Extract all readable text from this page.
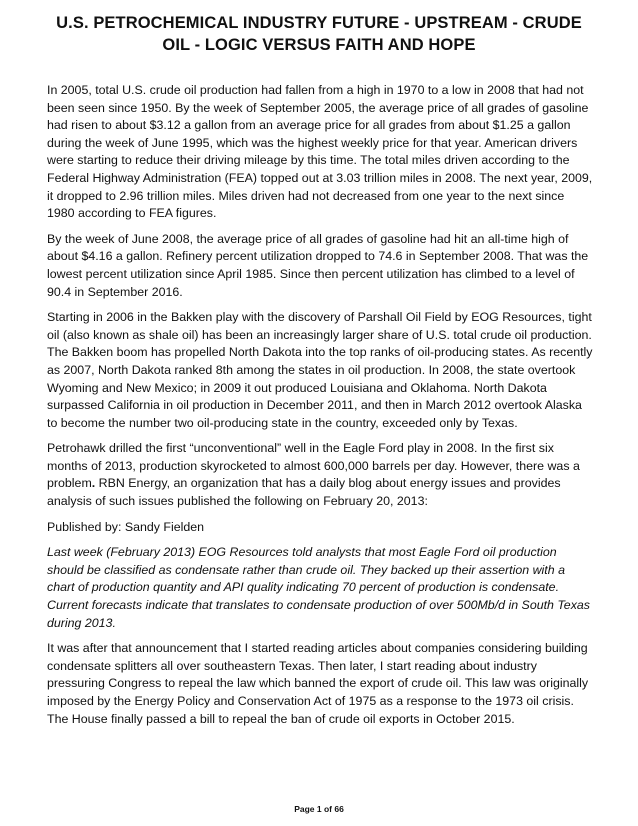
U.S. PETROCHEMICAL INDUSTRY FUTURE - UPSTREAM - CRUDE OIL - LOGIC VERSUS FAITH AND HOPE

In 2005, total U.S. crude oil production had fallen from a high in 1970 to a low in 2008 that had not been seen since 1950. By the week of September 2005, the average price of all grades of gasoline had risen to about $3.12 a gallon from an average price for all grades from about $1.25 a gallon during the week of June 1995, which was the highest weekly price for that year. American drivers were starting to reduce their driving mileage by this time. The total miles driven according to the Federal Highway Administration (FEA) topped out at 3.03 trillion miles in 2008. The next year, 2009, it dropped to 2.96 trillion miles. Miles driven had not decreased from one year to the next since 1980 according to FEA figures.

By the week of June 2008, the average price of all grades of gasoline had hit an all-time high of about $4.16 a gallon. Refinery percent utilization dropped to 74.6 in September 2008. That was the lowest percent utilization since April 1985. Since then percent utilization has climbed to a level of 90.4 in September 2016.

Starting in 2006 in the Bakken play with the discovery of Parshall Oil Field by EOG Resources, tight oil (also known as shale oil) has been an increasingly larger share of U.S. total crude oil production. The Bakken boom has propelled North Dakota into the top ranks of oil-producing states. As recently as 2007, North Dakota ranked 8th among the states in oil production. In 2008, the state overtook Wyoming and New Mexico; in 2009 it out produced Louisiana and Oklahoma. North Dakota surpassed California in oil production in December 2011, and then in March 2012 overtook Alaska to become the number two oil-producing state in the country, exceeded only by Texas.

Petrohawk drilled the first “unconventional” well in the Eagle Ford play in 2008. In the first six months of 2013, production skyrocketed to almost 600,000 barrels per day. However, there was a problem. RBN Energy, an organization that has a daily blog about energy issues and provides analysis of such issues published the following on February 20, 2013:

Published by: Sandy Fielden

Last week (February 2013) EOG Resources told analysts that most Eagle Ford oil production should be classified as condensate rather than crude oil. They backed up their assertion with a chart of production quantity and API quality indicating 70 percent of production is condensate. Current forecasts indicate that translates to condensate production of over 500Mb/d in South Texas during 2013.

It was after that announcement that I started reading articles about companies considering building condensate splitters all over southeastern Texas. Then later, I start reading about industry pressuring Congress to repeal the law which banned the export of crude oil. This law was originally imposed by the Energy Policy and Conservation Act of 1975 as a response to the 1973 oil crisis. The House finally passed a bill to repeal the ban of crude oil exports in October 2015.

Page 1 of 66
